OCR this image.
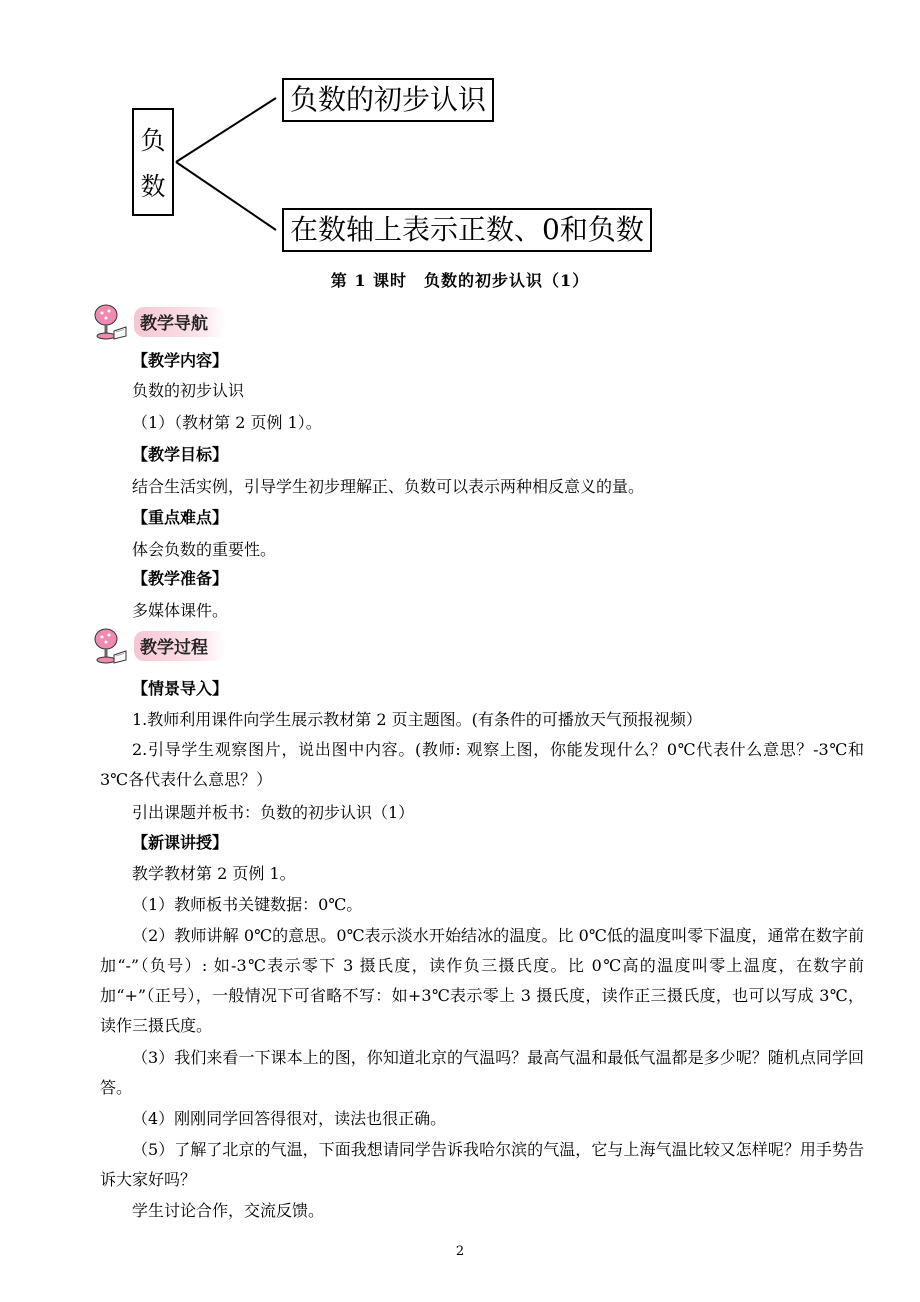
负
数
负数的初步认识
在数轴上表示正数、0和负数
第 1 课时　负数的初步认识（1）
教学导航
【教学内容】
负数的初步认识
（1）（教材第 2 页例 1）。
【教学目标】
结合生活实例，引导学生初步理解正、负数可以表示两种相反意义的量。
【重点难点】
体会负数的重要性。
【教学准备】
多媒体课件。
教学过程
【情景导入】
1.教师利用课件向学生展示教材第 2 页主题图。(有条件的可播放天气预报视频）
2.引导学生观察图片，说出图中内容。(教师: 观察上图，你能发现什么？0℃代表什么意思？-3℃和 3℃各代表什么意思？）
引出课题并板书：负数的初步认识（1）
【新课讲授】
教学教材第 2 页例 1。
（1）教师板书关键数据：0℃。
（2）教师讲解 0℃的意思。0℃表示淡水开始结冰的温度。比 0℃低的温度叫零下温度，通常在数字前加“-”（负号）: 如-3℃表示零下 3 摄氏度，读作负三摄氏度。比 0℃高的温度叫零上温度，在数字前加“+”（正号），一般情况下可省略不写：如+3℃表示零上 3 摄氏度，读作正三摄氏度，也可以写成 3℃，读作三摄氏度。
（3）我们来看一下课本上的图，你知道北京的气温吗？最高气温和最低气温都是多少呢？随机点同学回答。
（4）刚刚同学回答得很对，读法也很正确。
（5）了解了北京的气温，下面我想请同学告诉我哈尔滨的气温，它与上海气温比较又怎样呢？用手势告诉大家好吗？
学生讨论合作，交流反馈。
2
